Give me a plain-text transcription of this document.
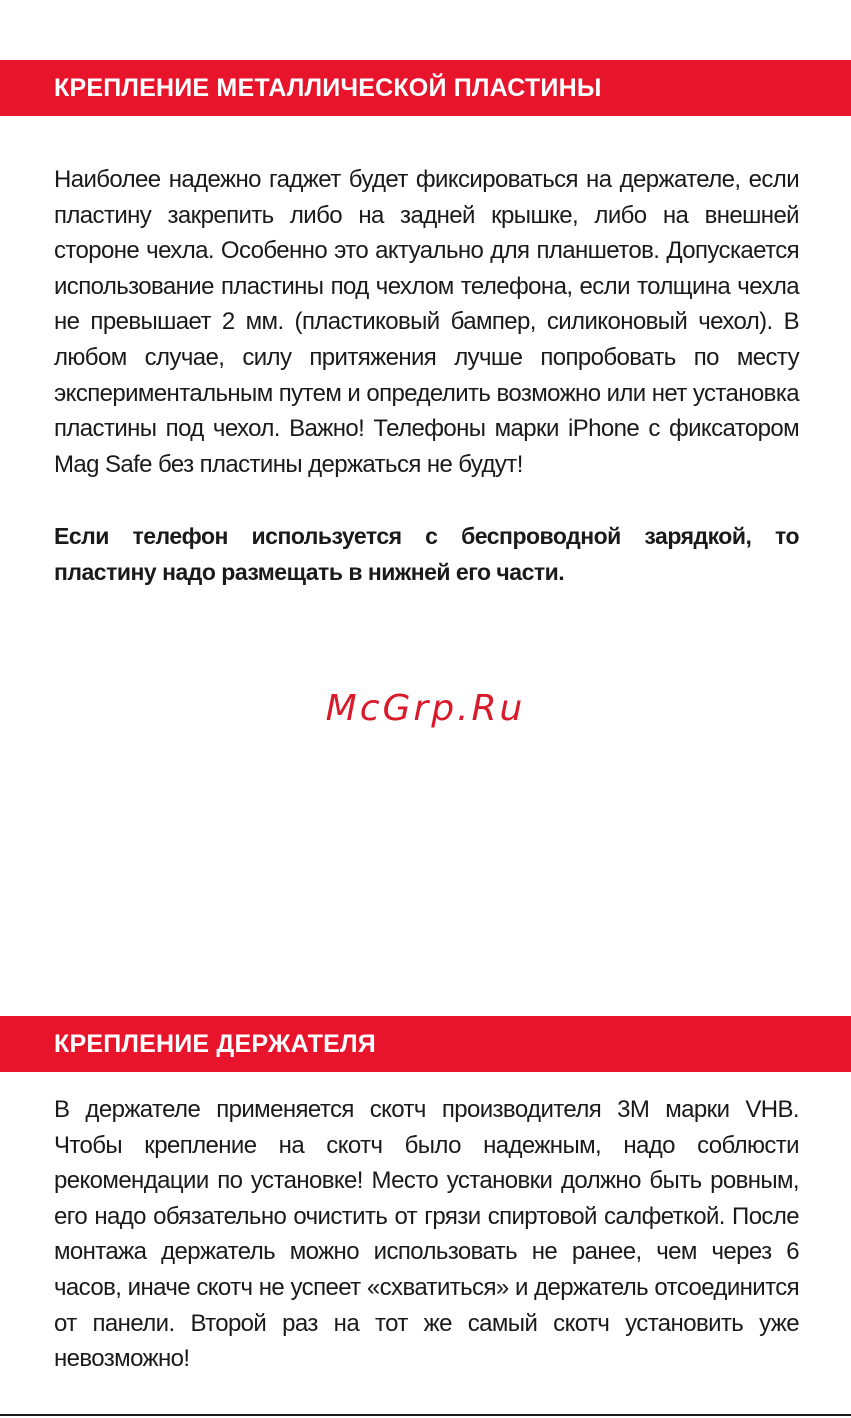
КРЕПЛЕНИЕ МЕТАЛЛИЧЕСКОЙ ПЛАСТИНЫ

Наиболее надежно гаджет будет фиксироваться на держателе, если пластину закрепить либо на задней крышке, либо на внешней стороне чехла. Особенно это актуально для планшетов. Допускается использование пластины под чехлом телефона, если толщина чехла не превышает 2 мм. (пластиковый бампер, силиконовый чехол). В любом случае, силу притяжения лучше попробовать по месту экспериментальным путем и определить возможно или нет установка пластины под чехол. Важно! Телефоны марки iPhone с фиксатором Mag Safe без пластины держаться не будут!

Если телефон используется с беспроводной зарядкой, то пластину надо размещать в нижней его части.

McGrp.Ru

КРЕПЛЕНИЕ ДЕРЖАТЕЛЯ

В держателе применяется скотч производителя 3М марки VHB. Чтобы крепление на скотч было надежным, надо соблюсти рекомендации по установке! Место установки должно быть ровным, его надо обязательно очистить от грязи спиртовой салфеткой. После монтажа держатель можно использовать не ранее, чем через 6 часов, иначе скотч не успеет «схватиться» и держатель отсоединится от панели. Второй раз на тот же самый скотч установить уже невозможно!
